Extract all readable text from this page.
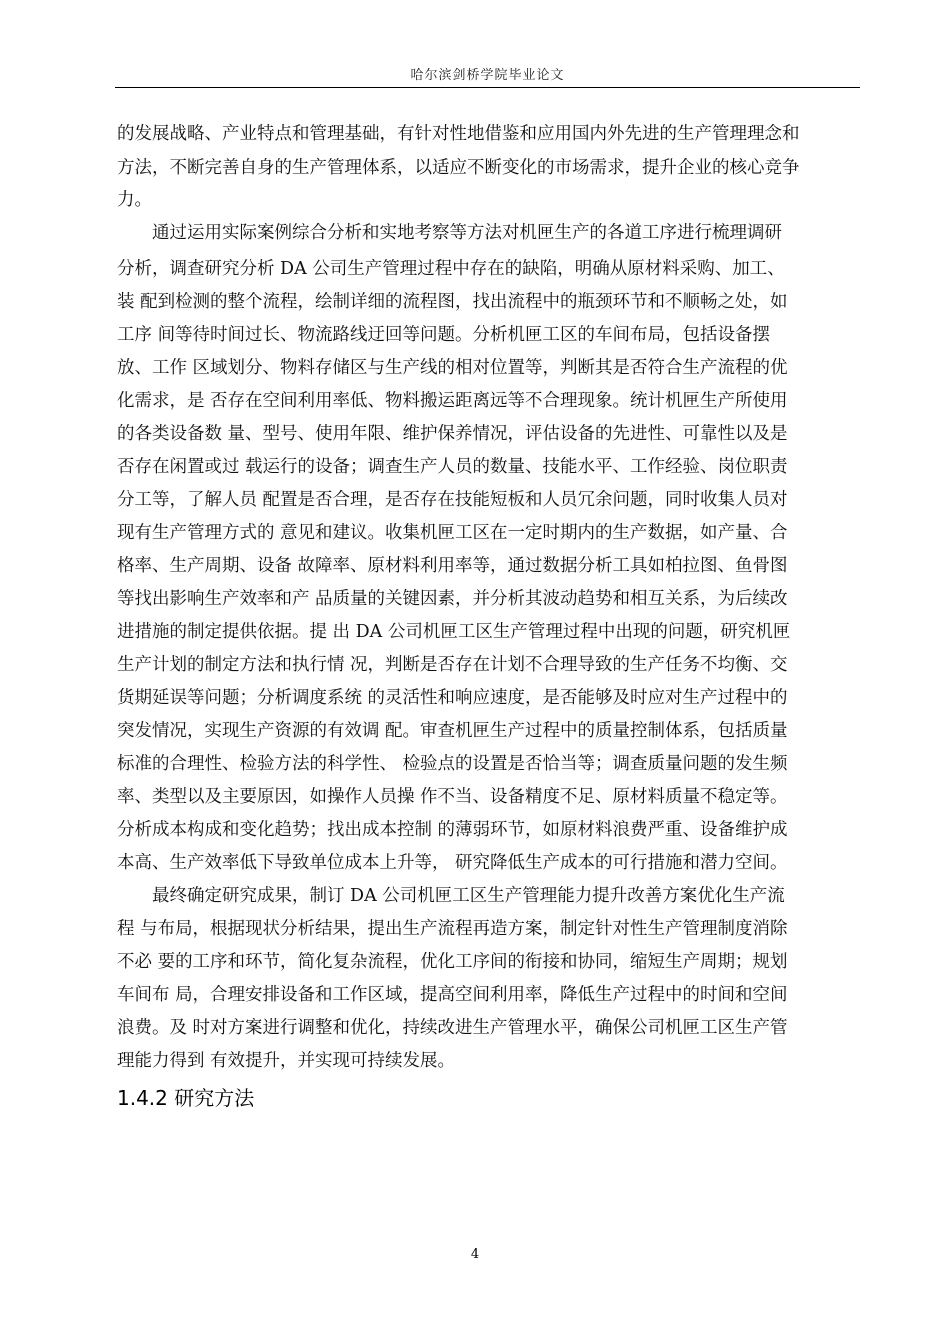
哈尔滨剑桥学院毕业论文
的发展战略、产业特点和管理基础，有针对性地借鉴和应用国内外先进的生产管理理念和
方法，不断完善自身的生产管理体系，以适应不断变化的市场需求，提升企业的核心竞争
力。
通过运用实际案例综合分析和实地考察等方法对机匣生产的各道工序进行梳理调研
分析，调查研究分析 DA 公司生产管理过程中存在的缺陷，明确从原材料采购、加工、
装 配到检测的整个流程，绘制详细的流程图，找出流程中的瓶颈环节和不顺畅之处，如
工序 间等待时间过长、物流路线迂回等问题。分析机匣工区的车间布局，包括设备摆
放、工作 区域划分、物料存储区与生产线的相对位置等，判断其是否符合生产流程的优
化需求，是 否存在空间利用率低、物料搬运距离远等不合理现象。统计机匣生产所使用
的各类设备数 量、型号、使用年限、维护保养情况，评估设备的先进性、可靠性以及是
否存在闲置或过 载运行的设备；调查生产人员的数量、技能水平、工作经验、岗位职责
分工等，了解人员 配置是否合理，是否存在技能短板和人员冗余问题，同时收集人员对
现有生产管理方式的 意见和建议。收集机匣工区在一定时期内的生产数据，如产量、合
格率、生产周期、设备 故障率、原材料利用率等，通过数据分析工具如柏拉图、鱼骨图
等找出影响生产效率和产 品质量的关键因素，并分析其波动趋势和相互关系，为后续改
进措施的制定提供依据。提 出 DA 公司机匣工区生产管理过程中出现的问题，研究机匣
生产计划的制定方法和执行情 况，判断是否存在计划不合理导致的生产任务不均衡、交
货期延误等问题；分析调度系统 的灵活性和响应速度，是否能够及时应对生产过程中的
突发情况，实现生产资源的有效调 配。审查机匣生产过程中的质量控制体系，包括质量
标准的合理性、检验方法的科学性、 检验点的设置是否恰当等；调查质量问题的发生频
率、类型以及主要原因，如操作人员操 作不当、设备精度不足、原材料质量不稳定等。
分析成本构成和变化趋势；找出成本控制 的薄弱环节，如原材料浪费严重、设备维护成
本高、生产效率低下导致单位成本上升等， 研究降低生产成本的可行措施和潜力空间。
最终确定研究成果，制订 DA 公司机匣工区生产管理能力提升改善方案优化生产流
程 与布局，根据现状分析结果，提出生产流程再造方案，制定针对性生产管理制度消除
不必 要的工序和环节，简化复杂流程，优化工序间的衔接和协同，缩短生产周期；规划
车间布 局，合理安排设备和工作区域，提高空间利用率，降低生产过程中的时间和空间
浪费。及 时对方案进行调整和优化，持续改进生产管理水平，确保公司机匣工区生产管
理能力得到 有效提升，并实现可持续发展。
1.4.2 研究方法
4
